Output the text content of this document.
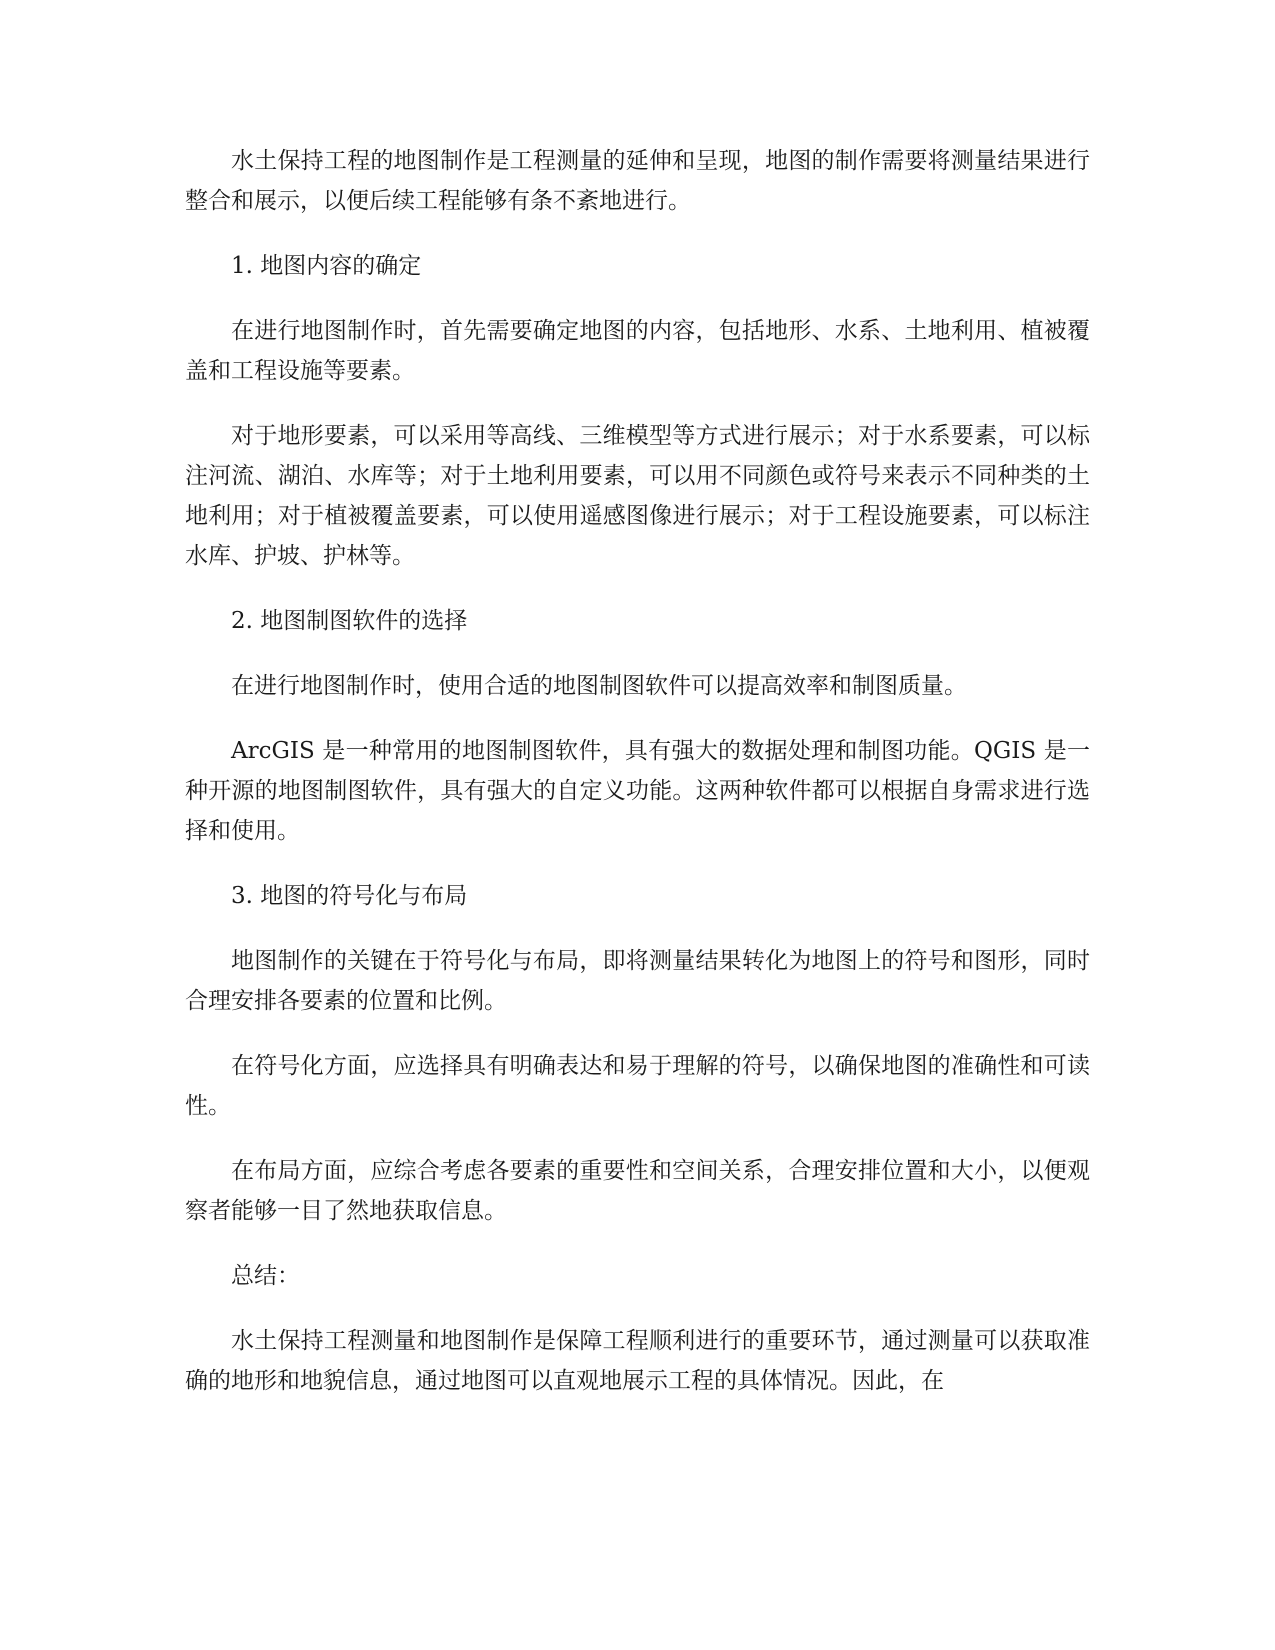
水土保持工程的地图制作是工程测量的延伸和呈现，地图的制作需要将测量结果进行整合和展示，以便后续工程能够有条不紊地进行。

1. 地图内容的确定

在进行地图制作时，首先需要确定地图的内容，包括地形、水系、土地利用、植被覆盖和工程设施等要素。

对于地形要素，可以采用等高线、三维模型等方式进行展示；对于水系要素，可以标注河流、湖泊、水库等；对于土地利用要素，可以用不同颜色或符号来表示不同种类的土地利用；对于植被覆盖要素，可以使用遥感图像进行展示；对于工程设施要素，可以标注水库、护坡、护林等。

2. 地图制图软件的选择

在进行地图制作时，使用合适的地图制图软件可以提高效率和制图质量。

ArcGIS 是一种常用的地图制图软件，具有强大的数据处理和制图功能。QGIS 是一种开源的地图制图软件，具有强大的自定义功能。这两种软件都可以根据自身需求进行选择和使用。

3. 地图的符号化与布局

地图制作的关键在于符号化与布局，即将测量结果转化为地图上的符号和图形，同时合理安排各要素的位置和比例。

在符号化方面，应选择具有明确表达和易于理解的符号，以确保地图的准确性和可读性。

在布局方面，应综合考虑各要素的重要性和空间关系，合理安排位置和大小，以便观察者能够一目了然地获取信息。

总结：

水土保持工程测量和地图制作是保障工程顺利进行的重要环节，通过测量可以获取准确的地形和地貌信息，通过地图可以直观地展示工程的具体情况。因此，在
